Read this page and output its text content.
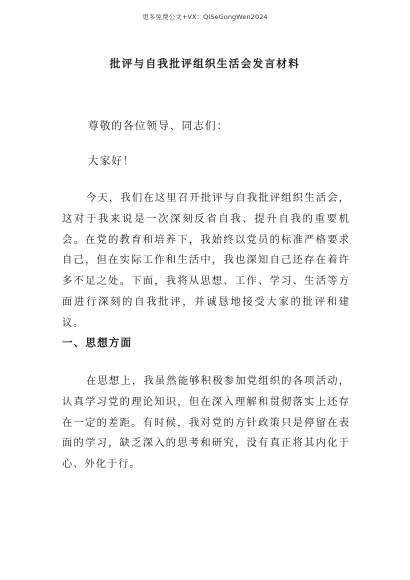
更多免费公文+VX：QiSeGongWen2024
批评与自我批评组织生活会发言材料
尊敬的各位领导、同志们：
大家好！

今天，我们在这里召开批评与自我批评组织生活会，这对于我来说是一次深刻反省自我、提升自我的重要机会。在党的教育和培养下，我始终以党员的标准严格要求自己，但在实际工作和生活中，我也深知自己还存在着许多不足之处。下面，我将从思想、工作、学习、生活等方面进行深刻的自我批评，并诚恳地接受大家的批评和建议。

一、思想方面

在思想上，我虽然能够积极参加党组织的各项活动，认真学习党的理论知识，但在深入理解和贯彻落实上还存在一定的差距。有时候，我对党的方针政策只是停留在表面的学习，缺乏深入的思考和研究，没有真正将其内化于心、外化于行。
